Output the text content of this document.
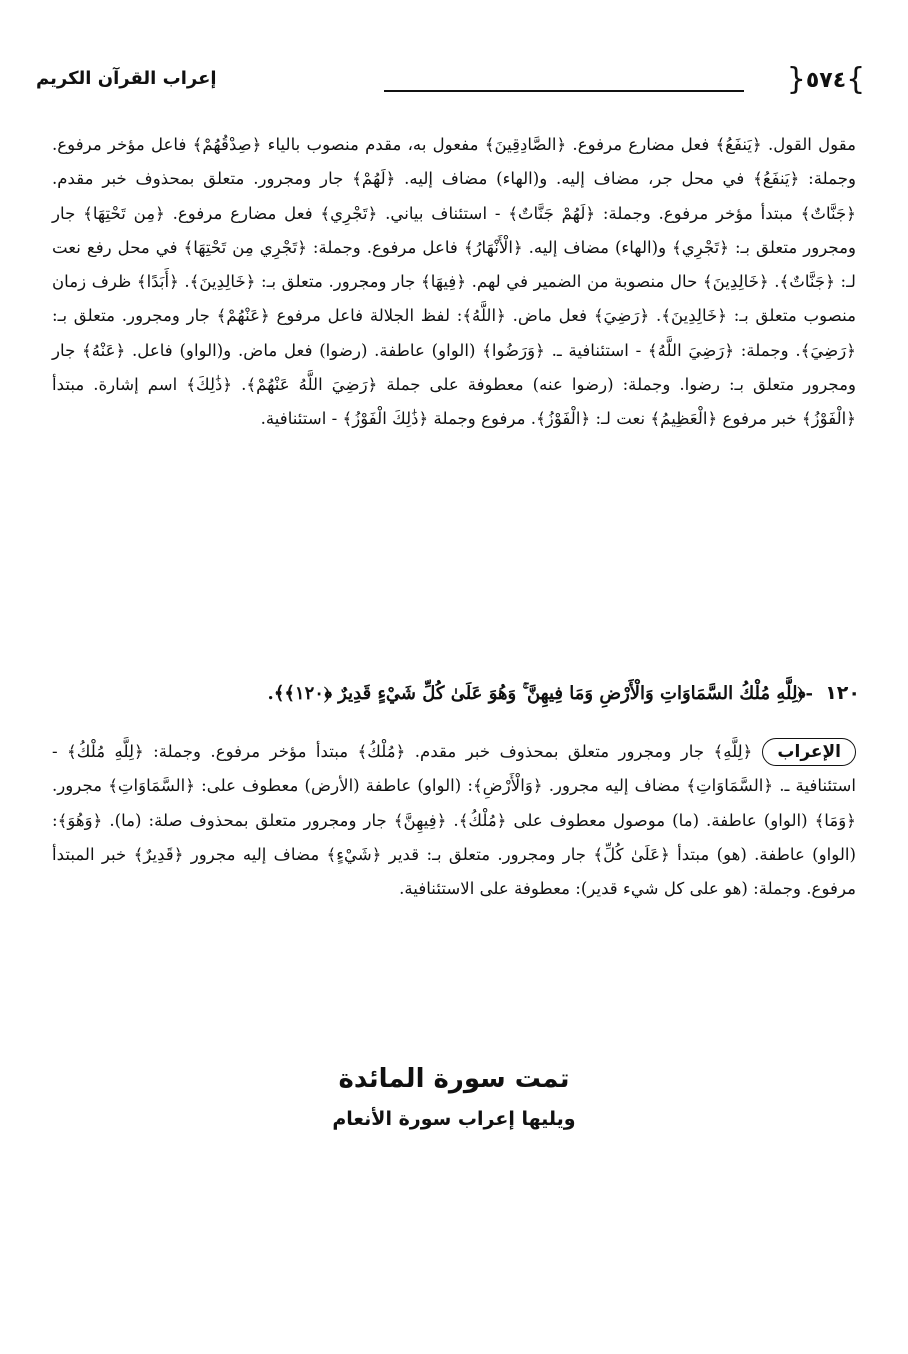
}
٥٧٤
{
إعراب القرآن الكريم

مقول القول. ﴿يَنفَعُ﴾ فعل مضارع مرفوع. ﴿الصَّادِقِينَ﴾ مفعول به، مقدم منصوب بالياء ﴿صِدْقُهُمْ﴾ فاعل مؤخر مرفوع. وجملة: ﴿يَنفَعُ﴾ في محل جر، مضاف إليه. و(الهاء) مضاف إليه. ﴿لَهُمْ﴾ جار ومجرور. متعلق بمحذوف خبر مقدم. ﴿جَنَّاتٌ﴾ مبتدأ مؤخر مرفوع. وجملة: ﴿لَهُمْ جَنَّاتٌ﴾ - استئناف بياني. ﴿تَجْرِي﴾ فعل مضارع مرفوع. ﴿مِن تَحْتِهَا﴾ جار ومجرور متعلق بـ: ﴿تَجْرِي﴾ و(الهاء) مضاف إليه. ﴿الْأَنْهَارُ﴾ فاعل مرفوع. وجملة: ﴿تَجْرِي مِن تَحْتِهَا﴾ في محل رفع نعت لـ: ﴿جَنَّاتٌ﴾. ﴿خَالِدِينَ﴾ حال منصوبة من الضمير في لهم. ﴿فِيهَا﴾ جار ومجرور. متعلق بـ: ﴿خَالِدِينَ﴾. ﴿أَبَدًا﴾ ظرف زمان منصوب متعلق بـ: ﴿خَالِدِينَ﴾. ﴿رَضِيَ﴾ فعل ماض. ﴿اللَّهُ﴾: لفظ الجلالة فاعل مرفوع ﴿عَنْهُمْ﴾ جار ومجرور. متعلق بـ: ﴿رَضِيَ﴾. وجملة: ﴿رَضِيَ اللَّهُ﴾ - استئنافية ـ. ﴿وَرَضُوا﴾ (الواو) عاطفة. (رضوا) فعل ماض. و(الواو) فاعل. ﴿عَنْهُ﴾ جار ومجرور متعلق بـ: رضوا. وجملة: (رضوا عنه) معطوفة على جملة ﴿رَضِيَ اللَّهُ عَنْهُمْ﴾. ﴿ذَٰلِكَ﴾ اسم إشارة. مبتدأ ﴿الْفَوْزُ﴾ خبر مرفوع ﴿الْعَظِيمُ﴾ نعت لـ: ﴿الْفَوْزُ﴾. مرفوع وجملة ﴿ذَٰلِكَ الْفَوْزُ﴾ - استئنافية.

١٢٠ -﴿لِلَّهِ مُلْكُ السَّمَاوَاتِ وَالْأَرْضِ وَمَا فِيهِنَّ ۚ وَهُوَ عَلَىٰ كُلِّ شَيْءٍ قَدِيرٌ ﴿١٢٠﴾﴾.

الإعراب﴿لِلَّهِ﴾ جار ومجرور متعلق بمحذوف خبر مقدم. ﴿مُلْكُ﴾ مبتدأ مؤخر مرفوع. وجملة: ﴿لِلَّهِ مُلْكُ﴾ - استئنافية ـ. ﴿السَّمَاوَاتِ﴾ مضاف إليه مجرور. ﴿وَالْأَرْضِ﴾: (الواو) عاطفة (الأرض) معطوف على: ﴿السَّمَاوَاتِ﴾ مجرور. ﴿وَمَا﴾ (الواو) عاطفة. (ما) موصول معطوف على ﴿مُلْكُ﴾. ﴿فِيهِنَّ﴾ جار ومجرور متعلق بمحذوف صلة: (ما). ﴿وَهُوَ﴾: (الواو) عاطفة. (هو) مبتدأ ﴿عَلَىٰ كُلِّ﴾ جار ومجرور. متعلق بـ: قدير ﴿شَيْءٍ﴾ مضاف إليه مجرور ﴿قَدِيرٌ﴾ خبر المبتدأ مرفوع. وجملة: (هو على كل شيء قدير): معطوفة على الاستئنافية.

تمت سورة المائدة
ويليها إعراب سورة الأنعام
